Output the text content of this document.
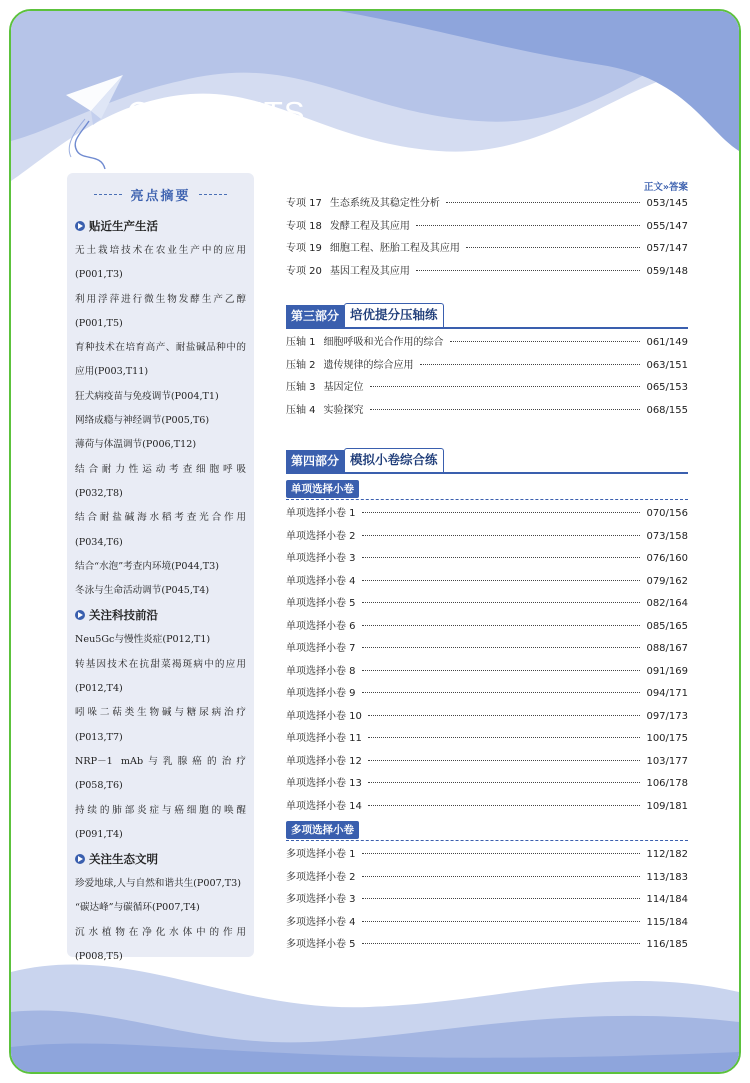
CONTENTS
亮点摘要
贴近生产生活
无土栽培技术在农业生产中的应用(P001,T3)
利用浮萍进行微生物发酵生产乙醇(P001,T5)
育种技术在培育高产、耐盐碱品种中的应用(P003,T11)
狂犬病疫苗与免疫调节(P004,T1)
网络成瘾与神经调节(P005,T6)
薄荷与体温调节(P006,T12)
结合耐力性运动考查细胞呼吸(P032,T8)
结合耐盐碱海水稻考查光合作用(P034,T6)
结合“水泡”考查内环境(P044,T3)
冬泳与生命活动调节(P045,T4)
关注科技前沿
Neu5Gc与慢性炎症(P012,T1)
转基因技术在抗甜菜褐斑病中的应用(P012,T4)
吲哚二萜类生物碱与糖尿病治疗(P013,T7)
NRP－1 mAb与乳腺癌的治疗(P058,T6)
持续的肺部炎症与癌细胞的唤醒(P091,T4)
关注生态文明
珍爱地球,人与自然和谐共生(P007,T3)
“碳达峰”与碳循环(P007,T4)
沉水植物在净化水体中的作用(P008,T5)
正文»答案
专项 17 生态系统及其稳定性分析	053/145
专项 18 发酵工程及其应用	055/147
专项 19 细胞工程、胚胎工程及其应用	057/147
专项 20 基因工程及其应用	059/148
第三部分 培优提分压轴练
压轴 1 细胞呼吸和光合作用的综合	061/149
压轴 2 遗传规律的综合应用	063/151
压轴 3 基因定位	065/153
压轴 4 实验探究	068/155
第四部分 模拟小卷综合练
单项选择小卷
单项选择小卷 1	070/156
单项选择小卷 2	073/158
单项选择小卷 3	076/160
单项选择小卷 4	079/162
单项选择小卷 5	082/164
单项选择小卷 6	085/165
单项选择小卷 7	088/167
单项选择小卷 8	091/169
单项选择小卷 9	094/171
单项选择小卷 10	097/173
单项选择小卷 11	100/175
单项选择小卷 12	103/177
单项选择小卷 13	106/178
单项选择小卷 14	109/181
多项选择小卷
多项选择小卷 1	112/182
多项选择小卷 2	113/183
多项选择小卷 3	114/184
多项选择小卷 4	115/184
多项选择小卷 5	116/185
